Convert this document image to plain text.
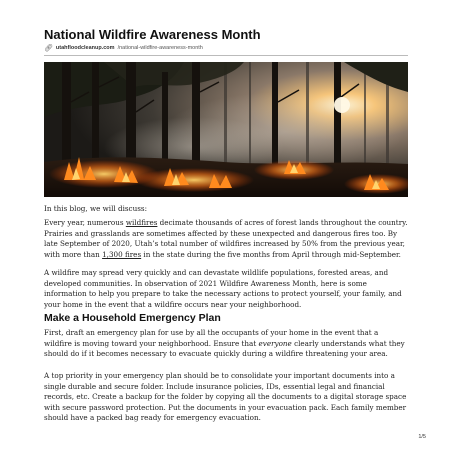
National Wildfire Awareness Month
🔗︎ utahfloodcleanup.com /national-wildfire-awareness-month

In this blog, we will discuss:

Every year, numerous wildfires decimate thousands of acres of forest lands throughout the country. Prairies and grasslands are sometimes affected by these unexpected and dangerous fires too. By late September of 2020, Utah’s total number of wildfires increased by 50% from the previous year, with more than 1,300 fires in the state during the five months from April through mid-September.

A wildfire may spread very quickly and can devastate wildlife populations, forested areas, and developed communities. In observation of 2021 Wildfire Awareness Month, here is some information to help you prepare to take the necessary actions to protect yourself, your family, and your home in the event that a wildfire occurs near your neighborhood.

Make a Household Emergency Plan

First, draft an emergency plan for use by all the occupants of your home in the event that a wildfire is moving toward your neighborhood. Ensure that everyone clearly understands what they should do if it becomes necessary to evacuate quickly during a wildfire threatening your area.

A top priority in your emergency plan should be to consolidate your important documents into a single durable and secure folder. Include insurance policies, IDs, essential legal and financial records, etc. Create a backup for the folder by copying all the documents to a digital storage space with secure password protection. Put the documents in your evacuation pack. Each family member should have a packed bag ready for emergency evacuation.

1/5
